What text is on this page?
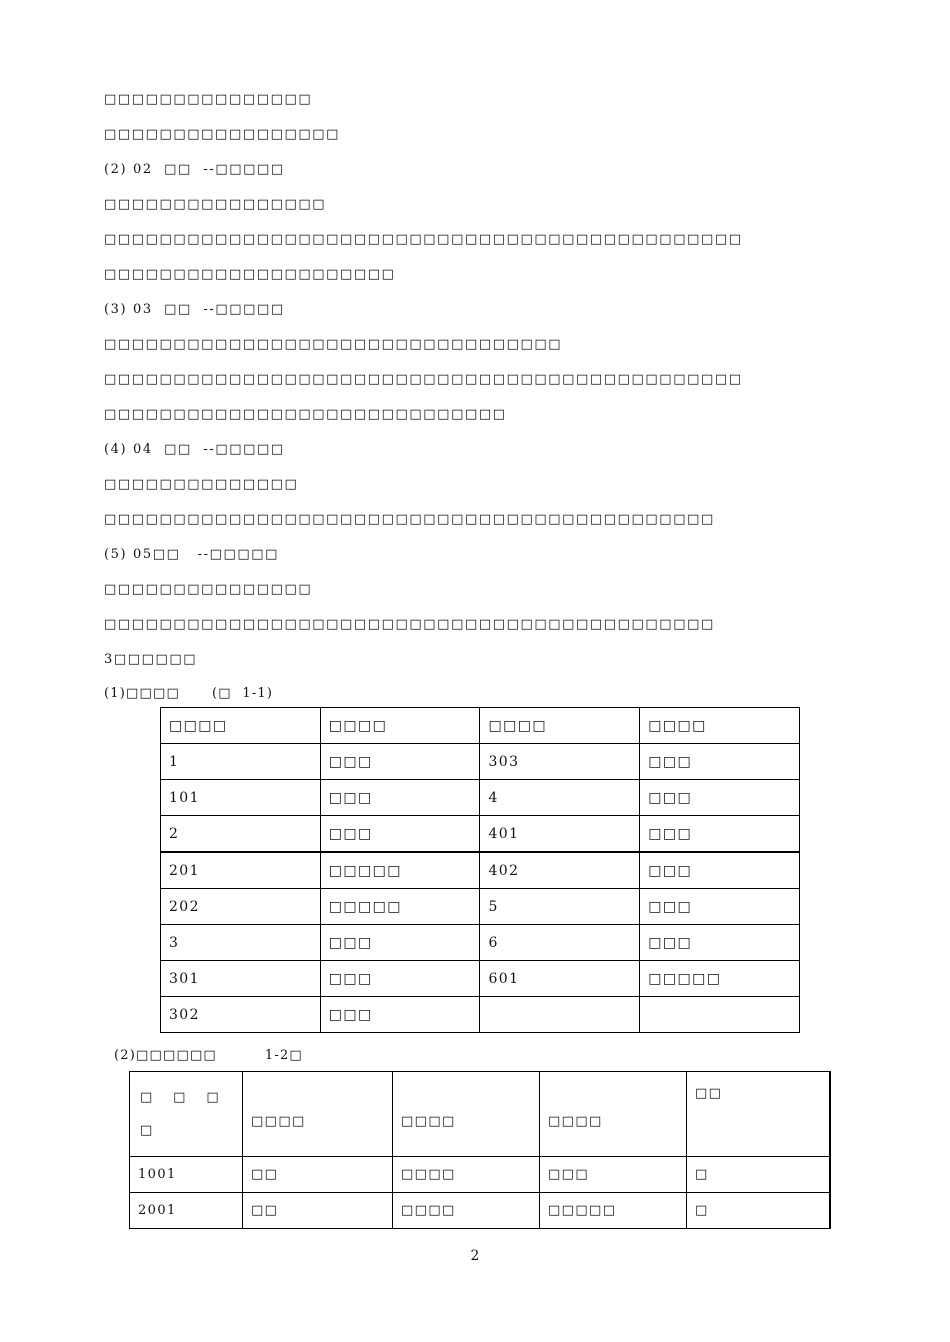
□□□□□□□□□□□□□□□
□□□□□□□□□□□□□□□□□
(2) 02  □□  --□□□□□
□□□□□□□□□□□□□□□□
□□□□□□□□□□□□□□□□□□□□□□□□□□□□□□□□□□□□□□□□□□□□□□
□□□□□□□□□□□□□□□□□□□□□
(3) 03  □□  --□□□□□
□□□□□□□□□□□□□□□□□□□□□□□□□□□□□□□□□
□□□□□□□□□□□□□□□□□□□□□□□□□□□□□□□□□□□□□□□□□□□□□□
□□□□□□□□□□□□□□□□□□□□□□□□□□□□□
(4) 04  □□  --□□□□□
□□□□□□□□□□□□□□
□□□□□□□□□□□□□□□□□□□□□□□□□□□□□□□□□□□□□□□□□□□□
(5) 05□□   --□□□□□
□□□□□□□□□□□□□□□
□□□□□□□□□□□□□□□□□□□□□□□□□□□□□□□□□□□□□□□□□□□□
3□□□□□□
(1)□□□□      (□  1-1)
□□□□	□□□□	□□□□	□□□□
1	□□□	303	□□□
101	□□□	4	□□□
2	□□□	401	□□□
201	□□□□□	402	□□□
202	□□□□□	5	□□□
3	□□□	6	□□□
301	□□□	601	□□□□□
302	□□□		
(2)□□□□□□         1-2□
□ □ □
□	□□□□	□□□□	□□□□	□□
1001	□□	□□□□	□□□	□
2001	□□	□□□□	□□□□□	□
2
